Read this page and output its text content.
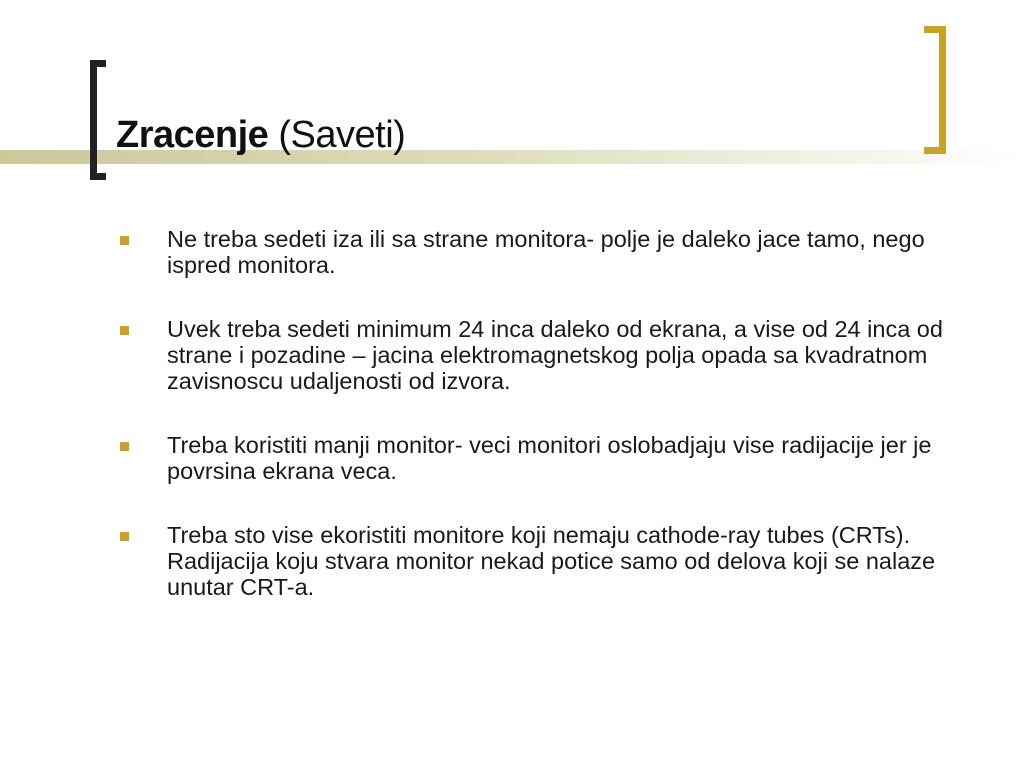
Zracenje (Saveti)
Ne treba sedeti iza ili sa strane monitora- polje je daleko jace tamo, nego ispred monitora.
Uvek treba sedeti minimum 24 inca daleko od ekrana, a vise od 24 inca od strane i pozadine – jacina elektromagnetskog polja opada sa kvadratnom zavisnoscu udaljenosti od izvora.
Treba koristiti manji monitor- veci monitori oslobadjaju vise radijacije jer je povrsina ekrana veca.
Treba sto vise ekoristiti monitore koji nemaju cathode-ray tubes (CRTs). Radijacija koju stvara monitor nekad potice samo od delova koji se nalaze unutar CRT-a.
